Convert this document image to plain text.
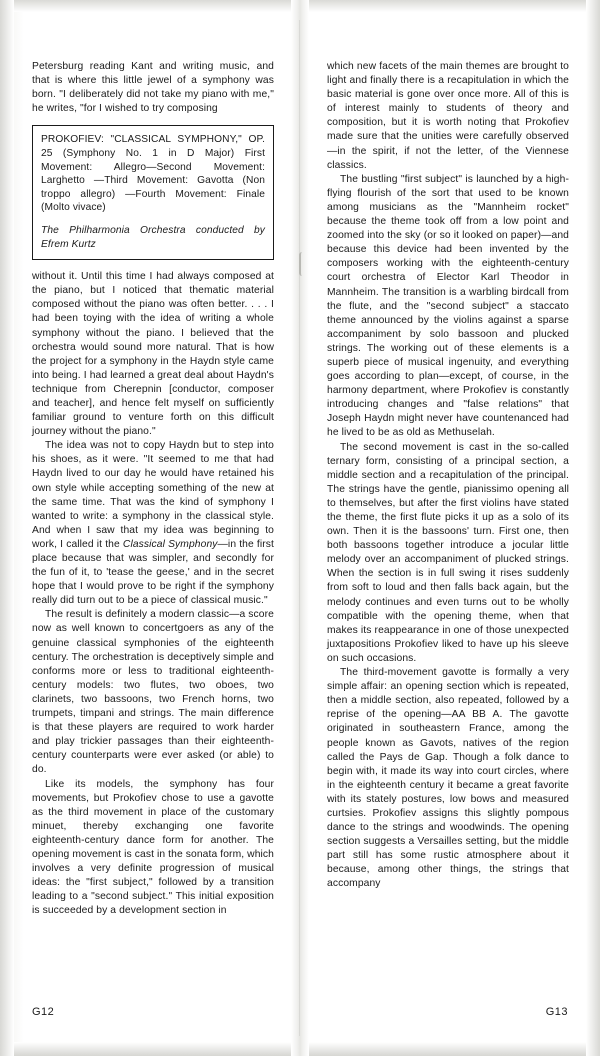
Petersburg reading Kant and writing music, and that is where this little jewel of a symphony was born. "I deliberately did not take my piano with me," he writes, "for I wished to try composing

PROKOFIEV: "CLASSICAL SYMPHONY," OP. 25 (Symphony No. 1 in D Major) First Movement: Allegro—Second Movement: Larghetto —Third Movement: Gavotta (Non troppo allegro) —Fourth Movement: Finale (Molto vivace)
The Philharmonia Orchestra conducted by Efrem Kurtz

without it. Until this time I had always composed at the piano, but I noticed that thematic material composed without the piano was often better. . . . I had been toying with the idea of writing a whole symphony without the piano. I believed that the orchestra would sound more natural. That is how the project for a symphony in the Haydn style came into being. I had learned a great deal about Haydn's technique from Cherepnin [conductor, composer and teacher], and hence felt myself on sufficiently familiar ground to venture forth on this difficult journey without the piano."

The idea was not to copy Haydn but to step into his shoes, as it were. "It seemed to me that had Haydn lived to our day he would have retained his own style while accepting something of the new at the same time. That was the kind of symphony I wanted to write: a symphony in the classical style. And when I saw that my idea was beginning to work, I called it the Classical Symphony—in the first place because that was simpler, and secondly for the fun of it, to 'tease the geese,' and in the secret hope that I would prove to be right if the symphony really did turn out to be a piece of classical music."

The result is definitely a modern classic—a score now as well known to concertgoers as any of the genuine classical symphonies of the eighteenth century. The orchestration is deceptively simple and conforms more or less to traditional eighteenth-century models: two flutes, two oboes, two clarinets, two bassoons, two French horns, two trumpets, timpani and strings. The main difference is that these players are required to work harder and play trickier passages than their eighteenth-century counterparts were ever asked (or able) to do.

Like its models, the symphony has four movements, but Prokofiev chose to use a gavotte as the third movement in place of the customary minuet, thereby exchanging one favorite eighteenth-century dance form for another. The opening movement is cast in the sonata form, which involves a very definite progression of musical ideas: the "first subject," followed by a transition leading to a "second subject." This initial exposition is succeeded by a development section in

which new facets of the main themes are brought to light and finally there is a recapitulation in which the basic material is gone over once more. All of this is of interest mainly to students of theory and composition, but it is worth noting that Prokofiev made sure that the unities were carefully observed—in the spirit, if not the letter, of the Viennese classics.

The bustling "first subject" is launched by a high-flying flourish of the sort that used to be known among musicians as the "Mannheim rocket" because the theme took off from a low point and zoomed into the sky (or so it looked on paper)—and because this device had been invented by the composers working with the eighteenth-century court orchestra of Elector Karl Theodor in Mannheim. The transition is a warbling birdcall from the flute, and the "second subject" a staccato theme announced by the violins against a sparse accompaniment by solo bassoon and plucked strings. The working out of these elements is a superb piece of musical ingenuity, and everything goes according to plan—except, of course, in the harmony department, where Prokofiev is constantly introducing changes and "false relations" that Joseph Haydn might never have countenanced had he lived to be as old as Methuselah.

The second movement is cast in the so-called ternary form, consisting of a principal section, a middle section and a recapitulation of the principal. The strings have the gentle, pianissimo opening all to themselves, but after the first violins have stated the theme, the first flute picks it up as a solo of its own. Then it is the bassoons' turn. First one, then both bassoons together introduce a jocular little melody over an accompaniment of plucked strings. When the section is in full swing it rises suddenly from soft to loud and then falls back again, but the melody continues and even turns out to be wholly compatible with the opening theme, when that makes its reappearance in one of those unexpected juxtapositions Prokofiev liked to have up his sleeve on such occasions.

The third-movement gavotte is formally a very simple affair: an opening section which is repeated, then a middle section, also repeated, followed by a reprise of the opening—AA BB A. The gavotte originated in southeastern France, among the people known as Gavots, natives of the region called the Pays de Gap. Though a folk dance to begin with, it made its way into court circles, where in the eighteenth century it became a great favorite with its stately postures, low bows and measured curtsies. Prokofiev assigns this slightly pompous dance to the strings and woodwinds. The opening section suggests a Versailles setting, but the middle part still has some rustic atmosphere about it because, among other things, the strings that accompany

G12	G13
